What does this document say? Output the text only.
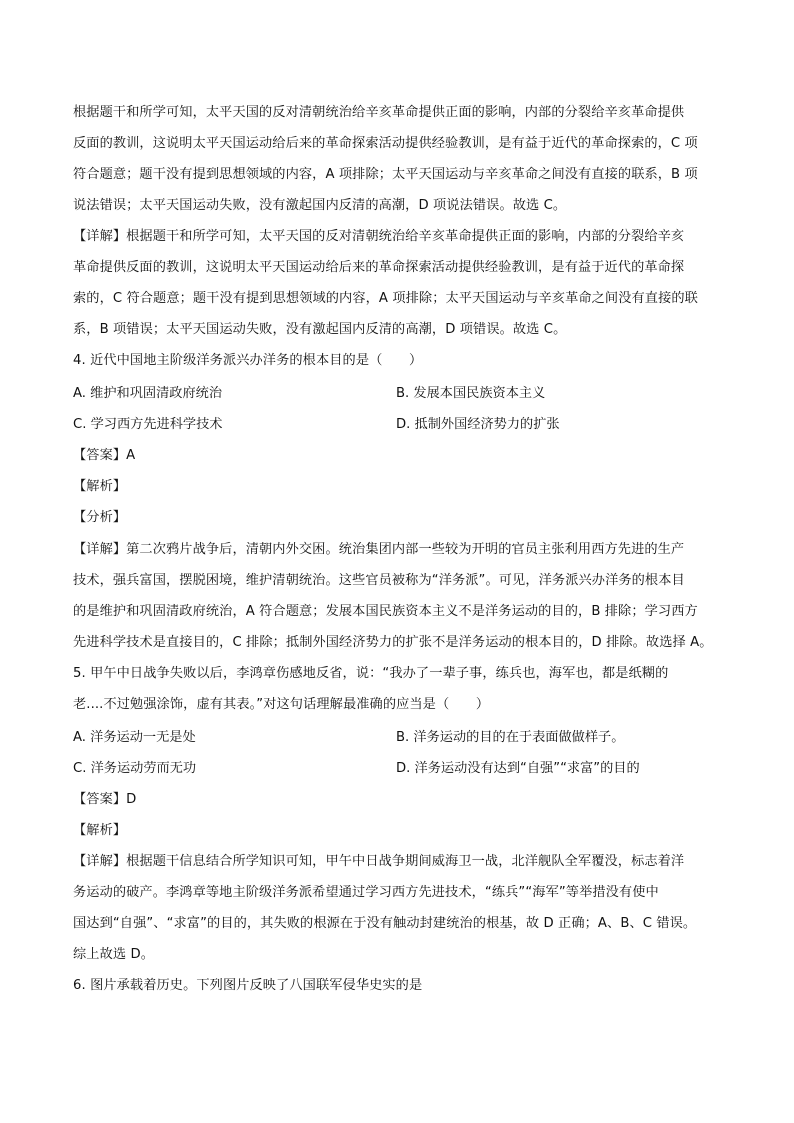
根据题干和所学可知，太平天国的反对清朝统治给辛亥革命提供正面的影响，内部的分裂给辛亥革命提供
反面的教训，这说明太平天国运动给后来的革命探索活动提供经验教训，是有益于近代的革命探索的，C 项
符合题意；题干没有提到思想领域的内容，A 项排除；太平天国运动与辛亥革命之间没有直接的联系，B 项
说法错误；太平天国运动失败，没有激起国内反清的高潮，D 项说法错误。故选 C。
【详解】根据题干和所学可知，太平天国的反对清朝统治给辛亥革命提供正面的影响，内部的分裂给辛亥
革命提供反面的教训，这说明太平天国运动给后来的革命探索活动提供经验教训，是有益于近代的革命探
索的，C 符合题意；题干没有提到思想领域的内容，A 项排除；太平天国运动与辛亥革命之间没有直接的联
系，B 项错误；太平天国运动失败，没有激起国内反清的高潮，D 项错误。故选 C。
4. 近代中国地主阶级洋务派兴办洋务的根本目的是（　　）
A. 维护和巩固清政府统治	B. 发展本国民族资本主义
C. 学习西方先进科学技术	D. 抵制外国经济势力的扩张
【答案】A
【解析】
【分析】
【详解】第二次鸦片战争后，清朝内外交困。统治集团内部一些较为开明的官员主张利用西方先进的生产
技术，强兵富国，摆脱困境，维护清朝统治。这些官员被称为“洋务派”。可见，洋务派兴办洋务的根本目
的是维护和巩固清政府统治，A 符合题意；发展本国民族资本主义不是洋务运动的目的，B 排除；学习西方
先进科学技术是直接目的，C 排除；抵制外国经济势力的扩张不是洋务运动的根本目的，D 排除。故选择 A。
5. 甲午中日战争失败以后，李鸿章伤感地反省，说：“我办了一辈子事，练兵也，海军也，都是纸糊的
老....不过勉强涂饰，虚有其表。”对这句话理解最准确的应当是（　　）
A. 洋务运动一无是处	B. 洋务运动的目的在于表面做做样子。
C. 洋务运动劳而无功	D. 洋务运动没有达到“自强”“求富”的目的
【答案】D
【解析】
【详解】根据题干信息结合所学知识可知，甲午中日战争期间威海卫一战，北洋舰队全军覆没，标志着洋
务运动的破产。李鸿章等地主阶级洋务派希望通过学习西方先进技术，“练兵”“海军”等举措没有使中
国达到“自强”、“求富”的目的，其失败的根源在于没有触动封建统治的根基，故 D 正确；A、B、C 错误。
综上故选 D。
6. 图片承载着历史。下列图片反映了八国联军侵华史实的是
